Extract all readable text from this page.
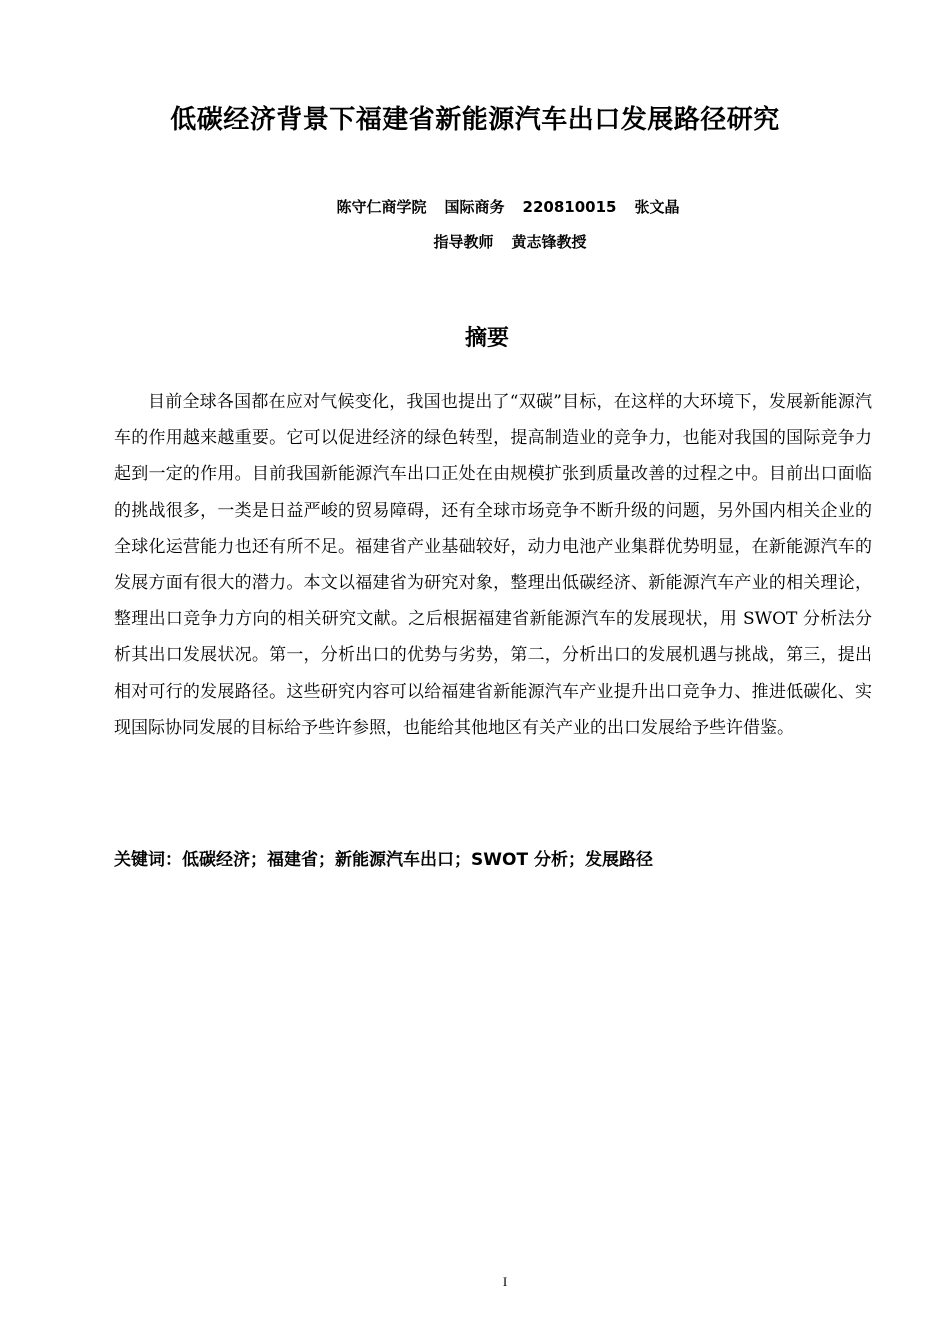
低碳经济背景下福建省新能源汽车出口发展路径研究

陈守仁商学院 国际商务 220810015 张文晶

指导教师 黄志锋教授

摘要

目前全球各国都在应对气候变化，我国也提出了“双碳”目标，在这样的大环境下，发展新能源汽车的作用越来越重要。它可以促进经济的绿色转型，提高制造业的竞争力，也能对我国的国际竞争力起到一定的作用。目前我国新能源汽车出口正处在由规模扩张到质量改善的过程之中。目前出口面临的挑战很多，一类是日益严峻的贸易障碍，还有全球市场竞争不断升级的问题，另外国内相关企业的全球化运营能力也还有所不足。福建省产业基础较好，动力电池产业集群优势明显，在新能源汽车的发展方面有很大的潜力。本文以福建省为研究对象，整理出低碳经济、新能源汽车产业的相关理论，整理出口竞争力方向的相关研究文献。之后根据福建省新能源汽车的发展现状，用 SWOT 分析法分析其出口发展状况。第一，分析出口的优势与劣势，第二，分析出口的发展机遇与挑战，第三，提出相对可行的发展路径。这些研究内容可以给福建省新能源汽车产业提升出口竞争力、推进低碳化、实现国际协同发展的目标给予些许参照，也能给其他地区有关产业的出口发展给予些许借鉴。

关键词：低碳经济；福建省；新能源汽车出口；SWOT 分析；发展路径

I
